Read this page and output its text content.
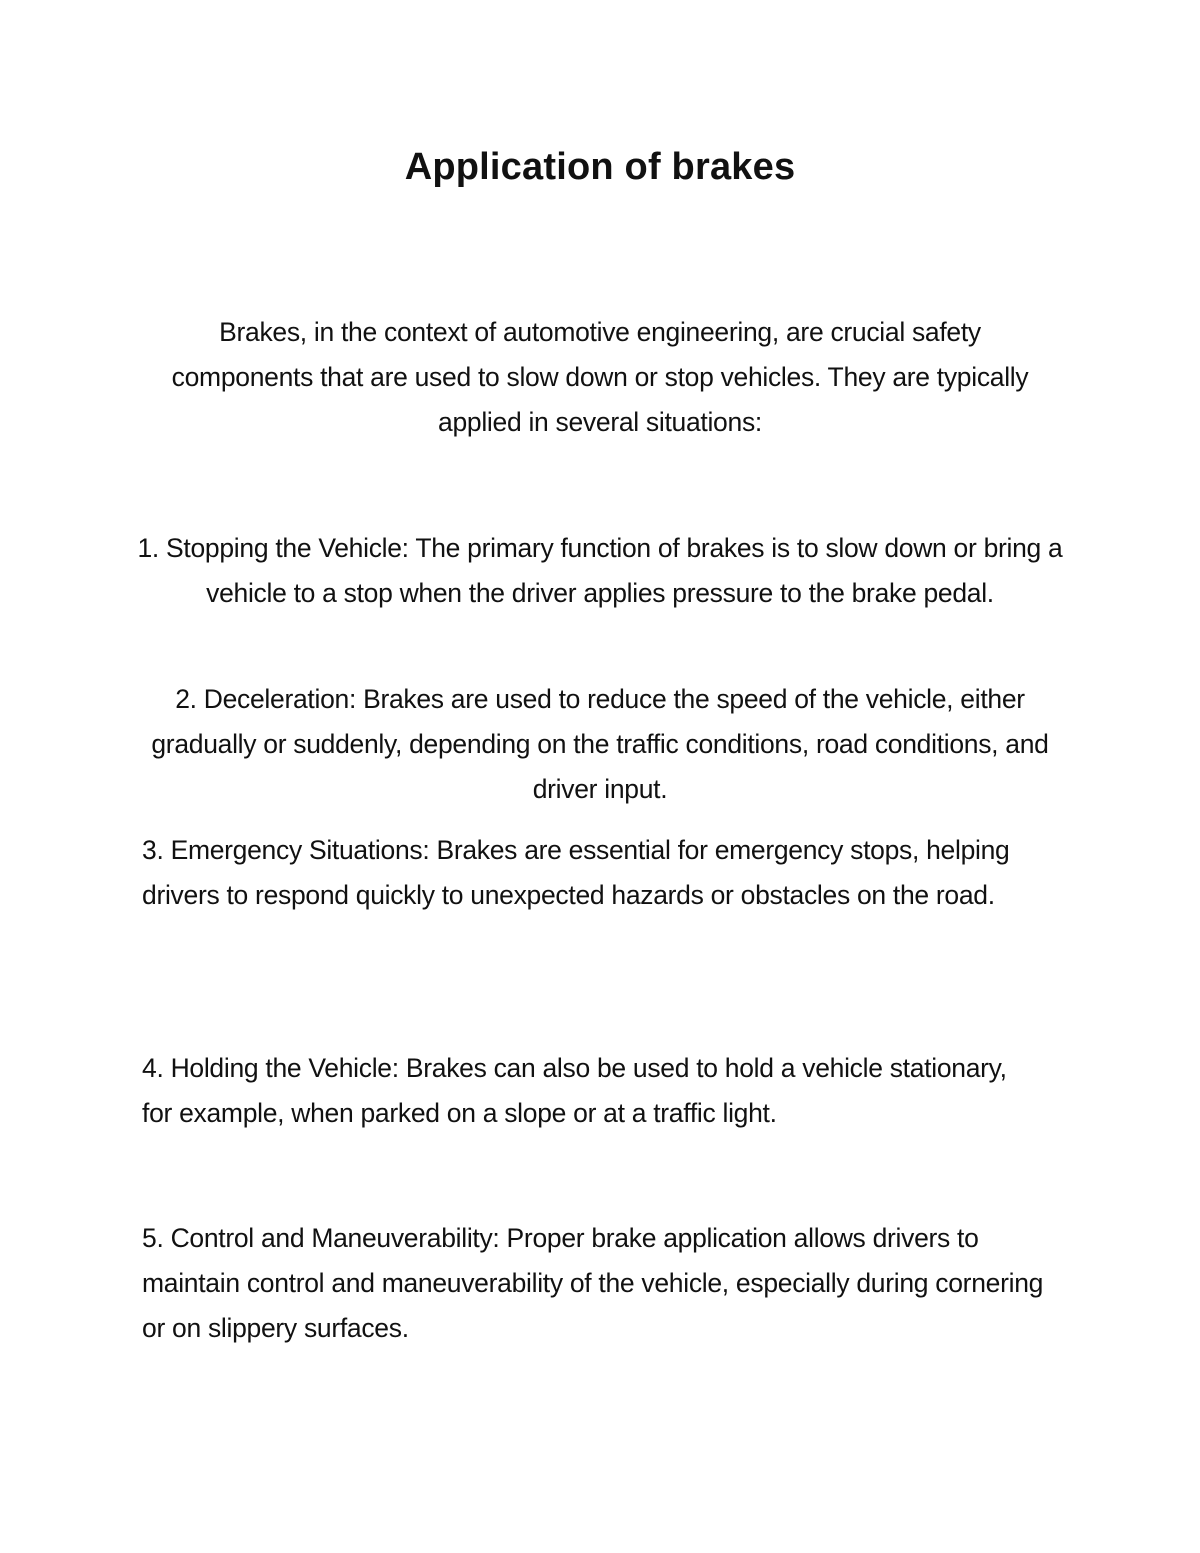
Application of brakes

Brakes, in the context of automotive engineering, are crucial safety components that are used to slow down or stop vehicles. They are typically applied in several situations:

1. Stopping the Vehicle: The primary function of brakes is to slow down or bring a vehicle to a stop when the driver applies pressure to the brake pedal.

2. Deceleration: Brakes are used to reduce the speed of the vehicle, either gradually or suddenly, depending on the traffic conditions, road conditions, and driver input.

3. Emergency Situations: Brakes are essential for emergency stops, helping drivers to respond quickly to unexpected hazards or obstacles on the road.

4. Holding the Vehicle: Brakes can also be used to hold a vehicle stationary, for example, when parked on a slope or at a traffic light.

5. Control and Maneuverability: Proper brake application allows drivers to maintain control and maneuverability of the vehicle, especially during cornering or on slippery surfaces.
